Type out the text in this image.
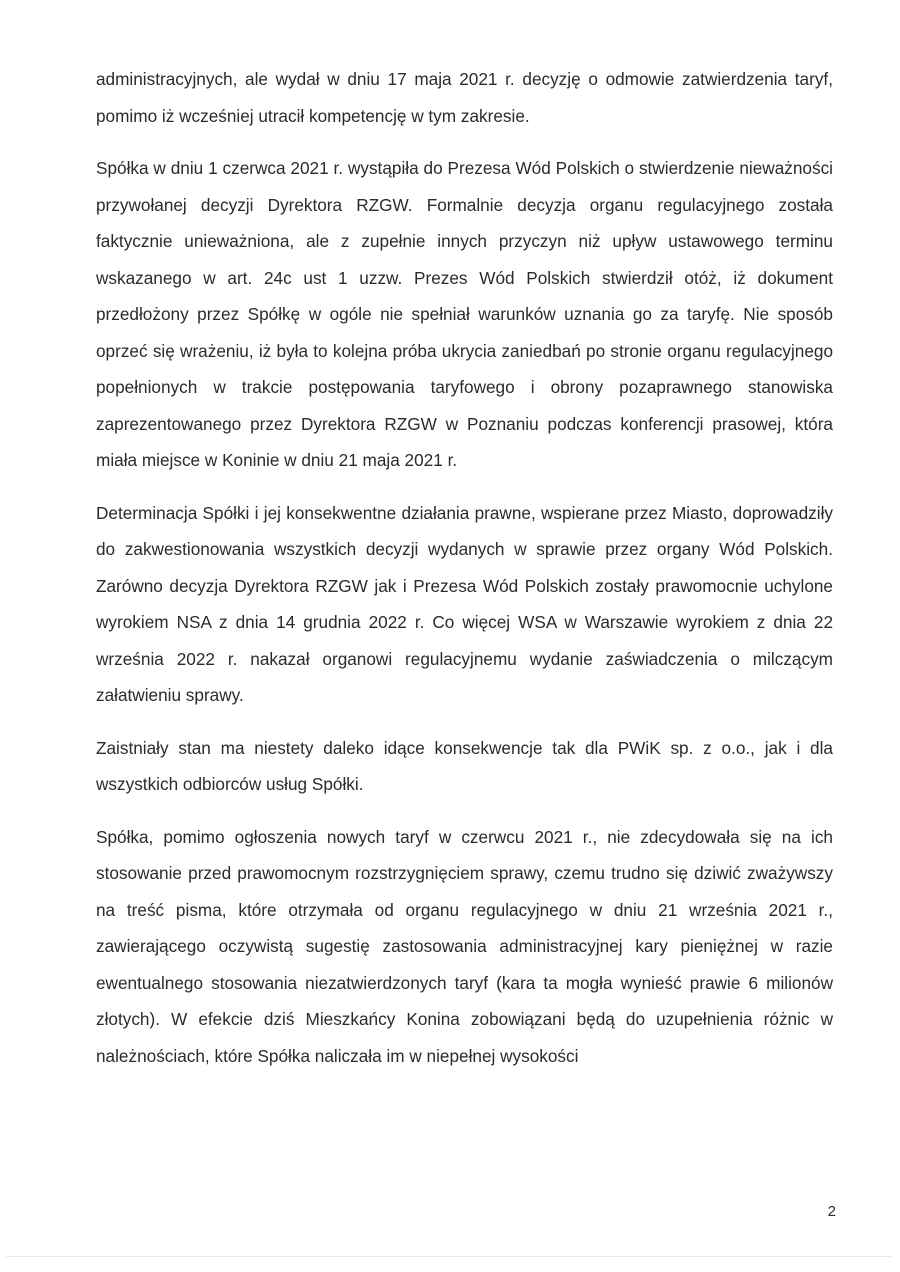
administracyjnych, ale wydał w dniu 17 maja 2021 r. decyzję o odmowie zatwierdzenia taryf, pomimo iż wcześniej utracił kompetencję w tym zakresie.

Spółka w dniu 1 czerwca 2021 r. wystąpiła do Prezesa Wód Polskich o stwierdzenie nieważności przywołanej decyzji Dyrektora RZGW. Formalnie decyzja organu regulacyjnego została faktycznie unieważniona, ale z zupełnie innych przyczyn niż upływ ustawowego terminu wskazanego w art. 24c ust 1 uzzw. Prezes Wód Polskich stwierdził otóż, iż dokument przedłożony przez Spółkę w ogóle nie spełniał warunków uznania go za taryfę. Nie sposób oprzeć się wrażeniu, iż była to kolejna próba ukrycia zaniedbań po stronie organu regulacyjnego popełnionych w trakcie postępowania taryfowego i obrony pozaprawnego stanowiska zaprezentowanego przez Dyrektora RZGW w Poznaniu podczas konferencji prasowej, która miała miejsce w Koninie w dniu 21 maja 2021 r.

Determinacja Spółki i jej konsekwentne działania prawne, wspierane przez Miasto, doprowadziły do zakwestionowania wszystkich decyzji wydanych w sprawie przez organy Wód Polskich. Zarówno decyzja Dyrektora RZGW jak i Prezesa Wód Polskich zostały prawomocnie uchylone wyrokiem NSA z dnia 14 grudnia 2022 r. Co więcej WSA w Warszawie wyrokiem z dnia 22 września 2022 r. nakazał organowi regulacyjnemu wydanie zaświadczenia o milczącym załatwieniu sprawy.

Zaistniały stan ma niestety daleko idące konsekwencje tak dla PWiK sp. z o.o., jak i dla wszystkich odbiorców usług Spółki.

Spółka, pomimo ogłoszenia nowych taryf w czerwcu 2021 r., nie zdecydowała się na ich stosowanie przed prawomocnym rozstrzygnięciem sprawy, czemu trudno się dziwić zważywszy na treść pisma, które otrzymała od organu regulacyjnego w dniu 21 września 2021 r., zawierającego oczywistą sugestię zastosowania administracyjnej kary pieniężnej w razie ewentualnego stosowania niezatwierdzonych taryf (kara ta mogła wynieść prawie 6 milionów złotych). W efekcie dziś Mieszkańcy Konina zobowiązani będą do uzupełnienia różnic w należnościach, które Spółka naliczała im w niepełnej wysokości

2
